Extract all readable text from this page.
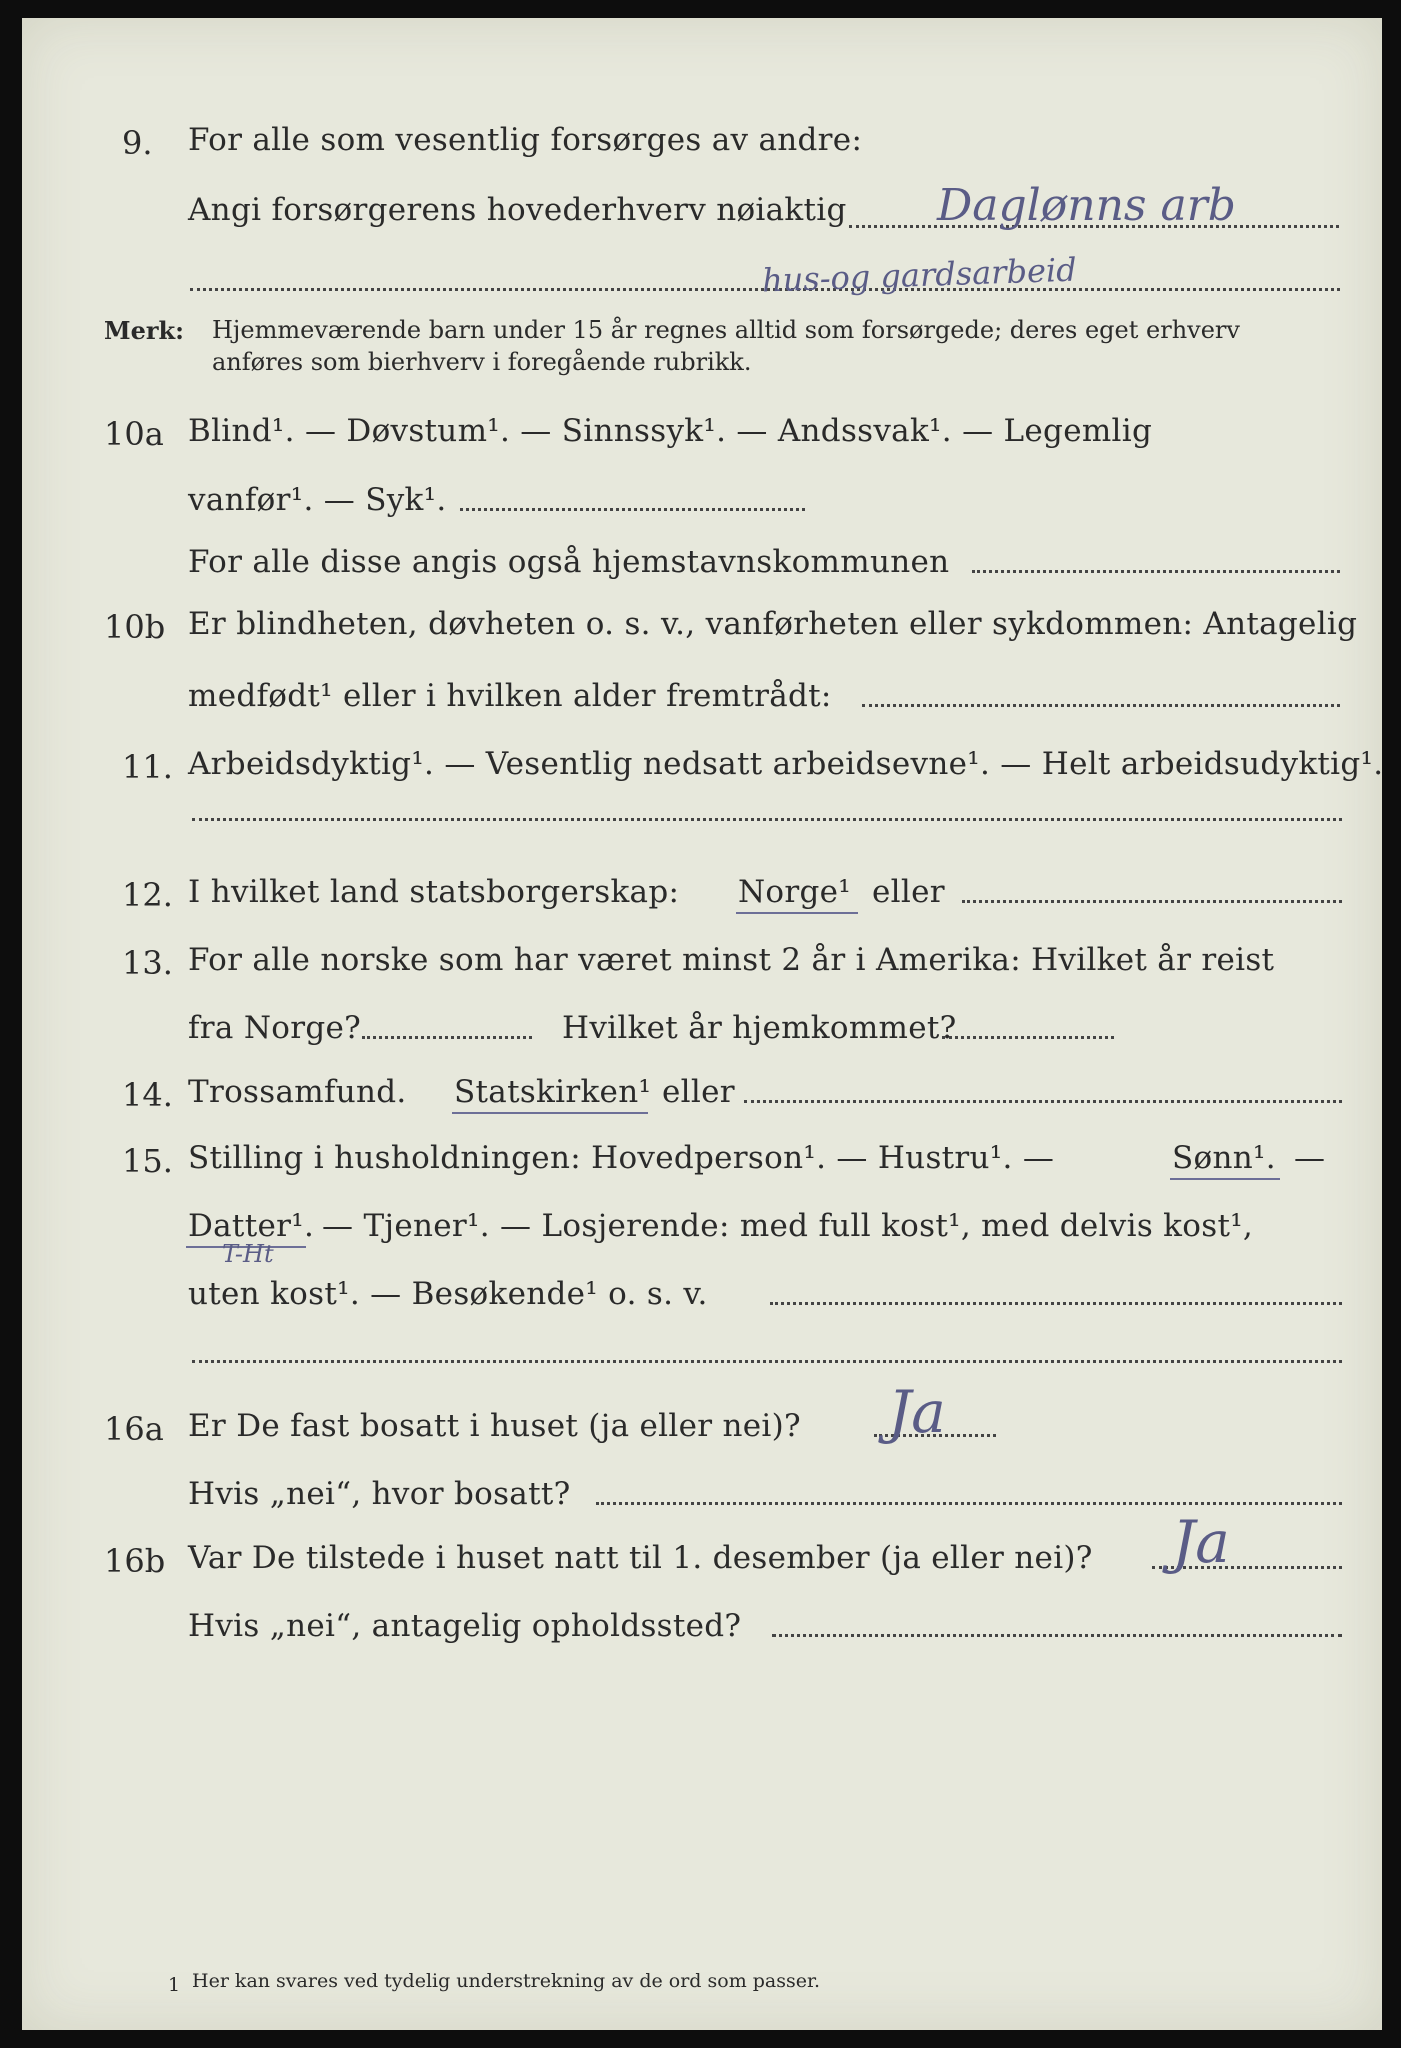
9. For alle som vesentlig forsørges av andre:
Angi forsørgerens hovederhverv nøiaktig Daglønns arb
hus-og gardsarbeid
Merk: Hjemmeværende barn under 15 år regnes alltid som forsørgede; deres eget erhverv
anføres som bierhverv i foregående rubrikk.
10a Blind¹. — Døvstum¹. — Sinnssyk¹. — Andssvak¹. — Legemlig
vanfør¹. — Syk¹.
For alle disse angis også hjemstavnskommunen
10b Er blindheten, døvheten o. s. v., vanførheten eller sykdommen: Antagelig
medfødt¹ eller i hvilken alder fremtrådt:
11. Arbeidsdyktig¹. — Vesentlig nedsatt arbeidsevne¹. — Helt arbeidsudyktig¹.
12. I hvilket land statsborgerskap: Norge¹ eller
13. For alle norske som har været minst 2 år i Amerika: Hvilket år reist
fra Norge?	Hvilket år hjemkommet?
14. Trossamfund. Statskirken¹ eller
15. Stilling i husholdningen: Hovedperson¹. — Hustru¹. —	Sønn¹. —
Datter¹.
T-Ht
— Tjener¹. — Losjerende: med full kost¹, med delvis kost¹,
uten kost¹. — Besøkende¹ o. s. v.
16a Er De fast bosatt i huset (ja eller nei)? Ja
Hvis „nei“, hvor bosatt?
16b Var De tilstede i huset natt til 1. desember (ja eller nei)? Ja
Hvis „nei“, antagelig opholdssted?
1 Her kan svares ved tydelig understrekning av de ord som passer.
